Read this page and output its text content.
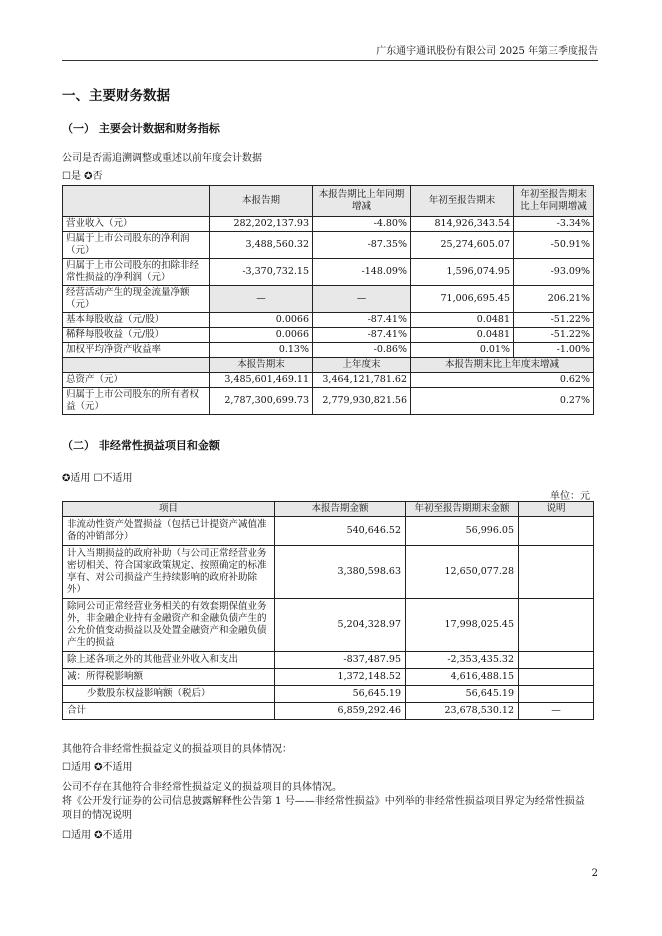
广东通宇通讯股份有限公司 2025 年第三季度报告
一、主要财务数据
（一） 主要会计数据和财务指标
公司是否需追溯调整或重述以前年度会计数据
☐是 ✪否
	本报告期	本报告期比上年同期增减	年初至报告期末	年初至报告期末比上年同期增减
营业收入（元）	282,202,137.93	-4.80%	814,926,343.54	-3.34%
归属于上市公司股东的净利润（元）	3,488,560.32	-87.35%	25,274,605.07	-50.91%
归属于上市公司股东的扣除非经常性损益的净利润（元）	-3,370,732.15	-148.09%	1,596,074.95	-93.09%
经营活动产生的现金流量净额（元）	—	—	71,006,695.45	206.21%
基本每股收益（元/股）	0.0066	-87.41%	0.0481	-51.22%
稀释每股收益（元/股）	0.0066	-87.41%	0.0481	-51.22%
加权平均净资产收益率	0.13%	-0.86%	0.01%	-1.00%
	本报告期末	上年度末	本报告期末比上年度末增减	
总资产（元）	3,485,601,469.11	3,464,121,781.62	0.62%	
归属于上市公司股东的所有者权益（元）	2,787,300,699.73	2,779,930,821.56	0.27%	
（二） 非经常性损益项目和金额
✪适用 ☐不适用
单位：元
项目	本报告期金额	年初至报告期期末金额	说明
非流动性资产处置损益（包括已计提资产减值准备的冲销部分）	540,646.52	56,996.05	
计入当期损益的政府补助（与公司正常经营业务密切相关、符合国家政策规定、按照确定的标准享有、对公司损益产生持续影响的政府补助除外）	3,380,598.63	12,650,077.28	
除同公司正常经营业务相关的有效套期保值业务外，非金融企业持有金融资产和金融负债产生的公允价值变动损益以及处置金融资产和金融负债产生的损益	5,204,328.97	17,998,025.45	
除上述各项之外的其他营业外收入和支出	-837,487.95	-2,353,435.32	
减：所得税影响额	1,372,148.52	4,616,488.15	
少数股东权益影响额（税后）	56,645.19	56,645.19	
合计	6,859,292.46	23,678,530.12	—
其他符合非经常性损益定义的损益项目的具体情况：
☐适用 ✪不适用
公司不存在其他符合非经常性损益定义的损益项目的具体情况。
将《公开发行证券的公司信息披露解释性公告第 1 号——非经常性损益》中列举的非经常性损益项目界定为经常性损益项目的情况说明
☐适用 ✪不适用
2
